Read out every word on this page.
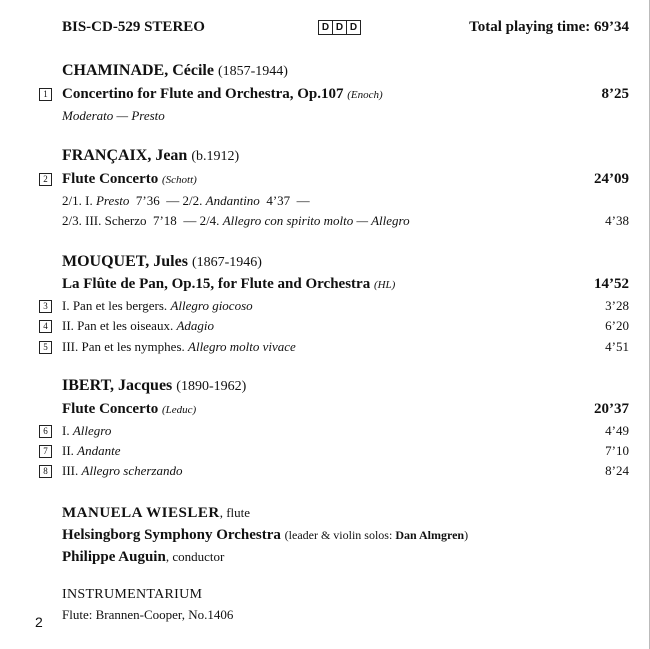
BIS-CD-529 STEREO	D D D	Total playing time: 69’34
CHAMINADE, Cécile (1857-1944)
1 Concertino for Flute and Orchestra, Op.107 (Enoch)	8’25
Moderato — Presto
FRANÇAIX, Jean (b.1912)
2 Flute Concerto (Schott)	24’09
2/1. I. Presto 7’36 — 2/2. Andantino 4’37 —
2/3. III. Scherzo 7’18 — 2/4. Allegro con spirito molto — Allegro	4’38
MOUQUET, Jules (1867-1946)
La Flûte de Pan, Op.15, for Flute and Orchestra (HL)	14’52
3	I. Pan et les bergers. Allegro giocoso	3’28
4	II. Pan et les oiseaux. Adagio	6’20
5	III. Pan et les nymphes. Allegro molto vivace	4’51
IBERT, Jacques (1890-1962)
Flute Concerto (Leduc)	20’37
6	I. Allegro	4’49
7	II. Andante	7’10
8	III. Allegro scherzando	8’24
MANUELA WIESLER, flute
Helsingborg Symphony Orchestra (leader & violin solos: Dan Almgren)
Philippe Auguin, conductor
INSTRUMENTARIUM
Flute: Brannen-Cooper, No.1406
2
